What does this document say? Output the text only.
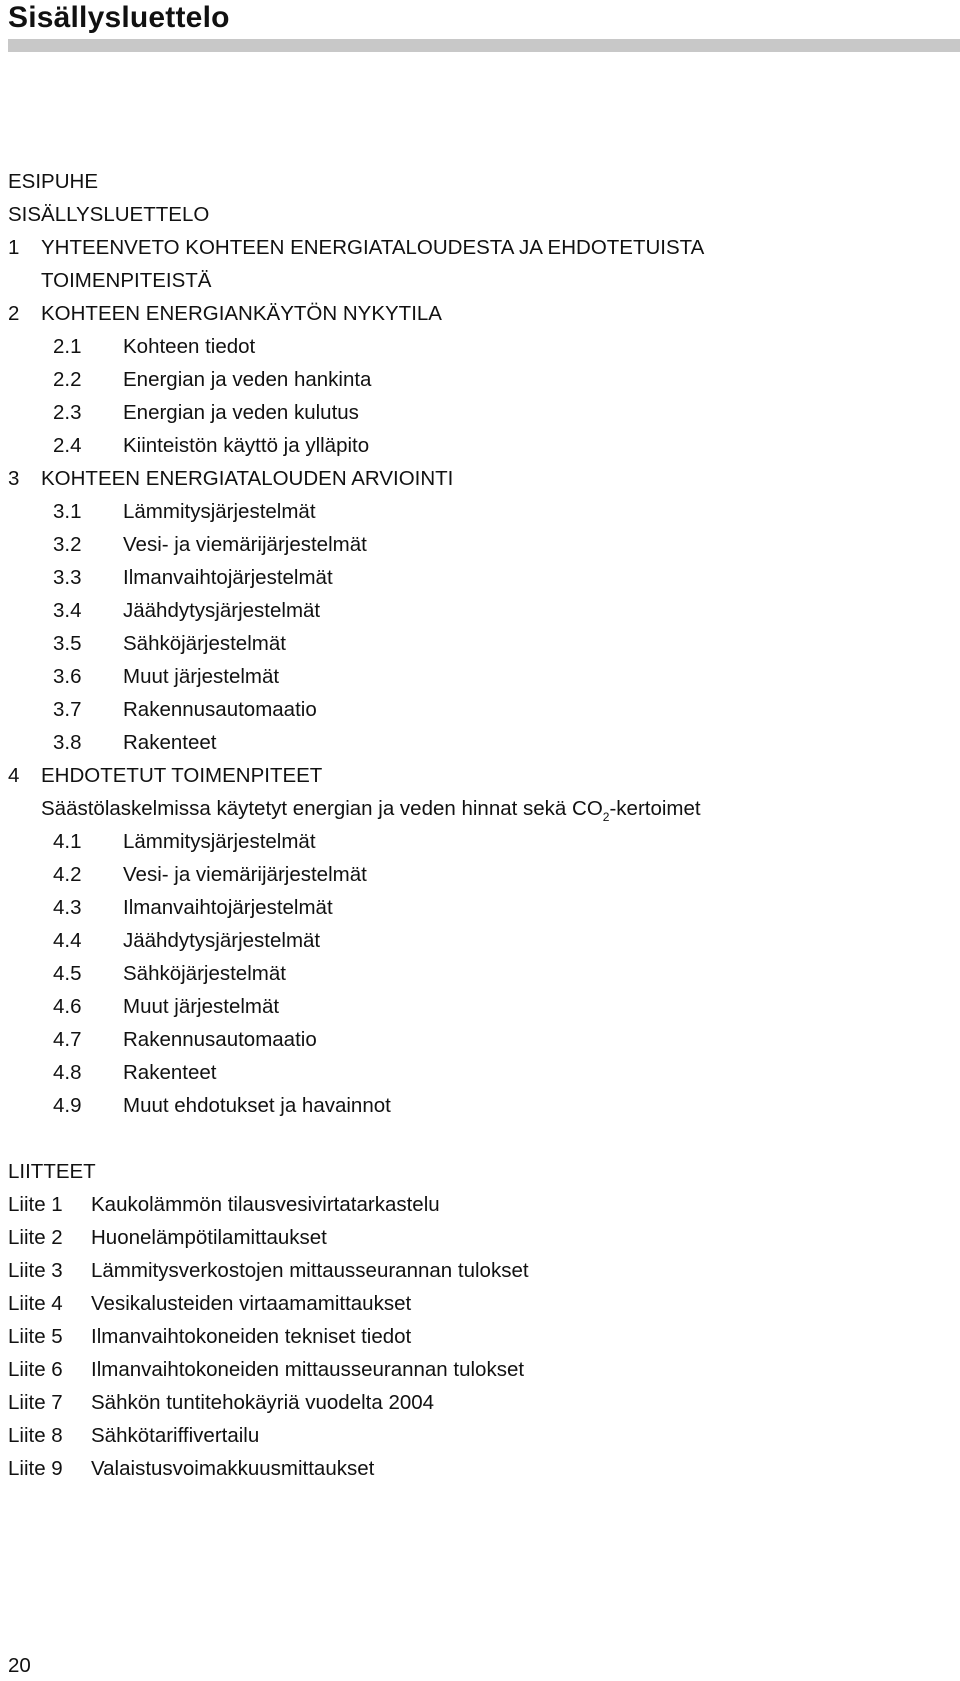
Sisällysluettelo
ESIPUHE
SISÄLLYSLUETTELO
1 YHTEENVETO KOHTEEN ENERGIATALOUDESTA JA EHDOTETUISTA
TOIMENPITEISTÄ
2 KOHTEEN ENERGIANKÄYTÖN NYKYTILA
2.1 Kohteen tiedot
2.2 Energian ja veden hankinta
2.3 Energian ja veden kulutus
2.4 Kiinteistön käyttö ja ylläpito
3 KOHTEEN ENERGIATALOUDEN ARVIOINTI
3.1 Lämmitysjärjestelmät
3.2 Vesi- ja viemärijärjestelmät
3.3 Ilmanvaihtojärjestelmät
3.4 Jäähdytysjärjestelmät
3.5 Sähköjärjestelmät
3.6 Muut järjestelmät
3.7 Rakennusautomaatio
3.8 Rakenteet
4 EHDOTETUT TOIMENPITEET
Säästölaskelmissa käytetyt energian ja veden hinnat sekä $CO_2$-kertoimet
4.1 Lämmitysjärjestelmät
4.2 Vesi- ja viemärijärjestelmät
4.3 Ilmanvaihtojärjestelmät
4.4 Jäähdytysjärjestelmät
4.5 Sähköjärjestelmät
4.6 Muut järjestelmät
4.7 Rakennusautomaatio
4.8 Rakenteet
4.9 Muut ehdotukset ja havainnot
LIITTEET
Liite 1 Kaukolämmön tilausvesivirtatarkastelu
Liite 2 Huonelämpötilamittaukset
Liite 3 Lämmitysverkostojen mittausseurannan tulokset
Liite 4 Vesikalusteiden virtaamamittaukset
Liite 5 Ilmanvaihtokoneiden tekniset tiedot
Liite 6 Ilmanvaihtokoneiden mittausseurannan tulokset
Liite 7 Sähkön tuntitehokäyriä vuodelta 2004
Liite 8 Sähkötariffivertailu
Liite 9 Valaistusvoimakkuusmittaukset
20
